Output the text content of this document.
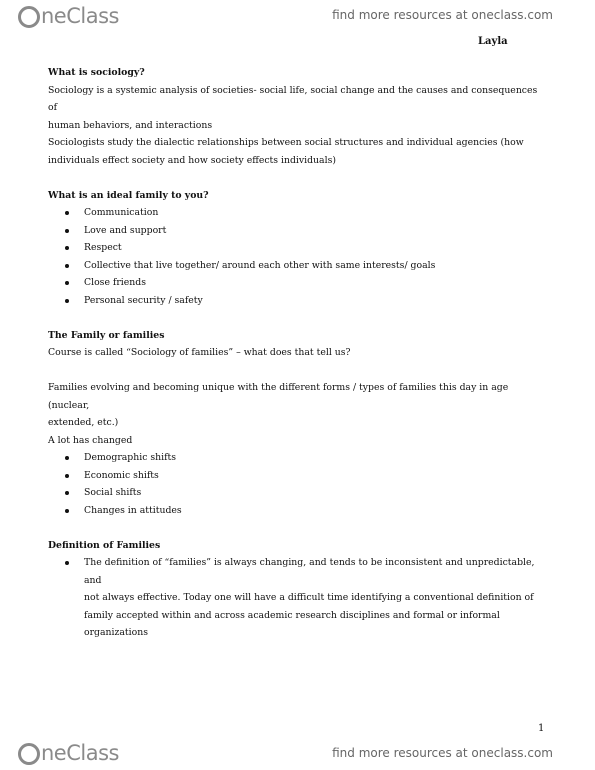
neClass	find more resources at oneclass.com
Layla
What is sociology?
Sociology is a systemic analysis of societies- social life, social change and the causes and consequences of
human behaviors, and interactions
Sociologists study the dialectic relationships between social structures and individual agencies (how
individuals effect society and how society effects individuals)
What is an ideal family to you?
Communication
Love and support
Respect
Collective that live together/ around each other with same interests/ goals
Close friends
Personal security / safety
The Family or families
Course is called “Sociology of families” – what does that tell us?
Families evolving and becoming unique with the different forms / types of families this day in age (nuclear,
extended, etc.)
A lot has changed
Demographic shifts
Economic shifts
Social shifts
Changes in attitudes
Definition of Families
The definition of “families” is always changing, and tends to be inconsistent and unpredictable, and
not always effective. Today one will have a difficult time identifying a conventional definition of
family accepted within and across academic research disciplines and formal or informal
organizations
1
neClass	find more resources at oneclass.com
